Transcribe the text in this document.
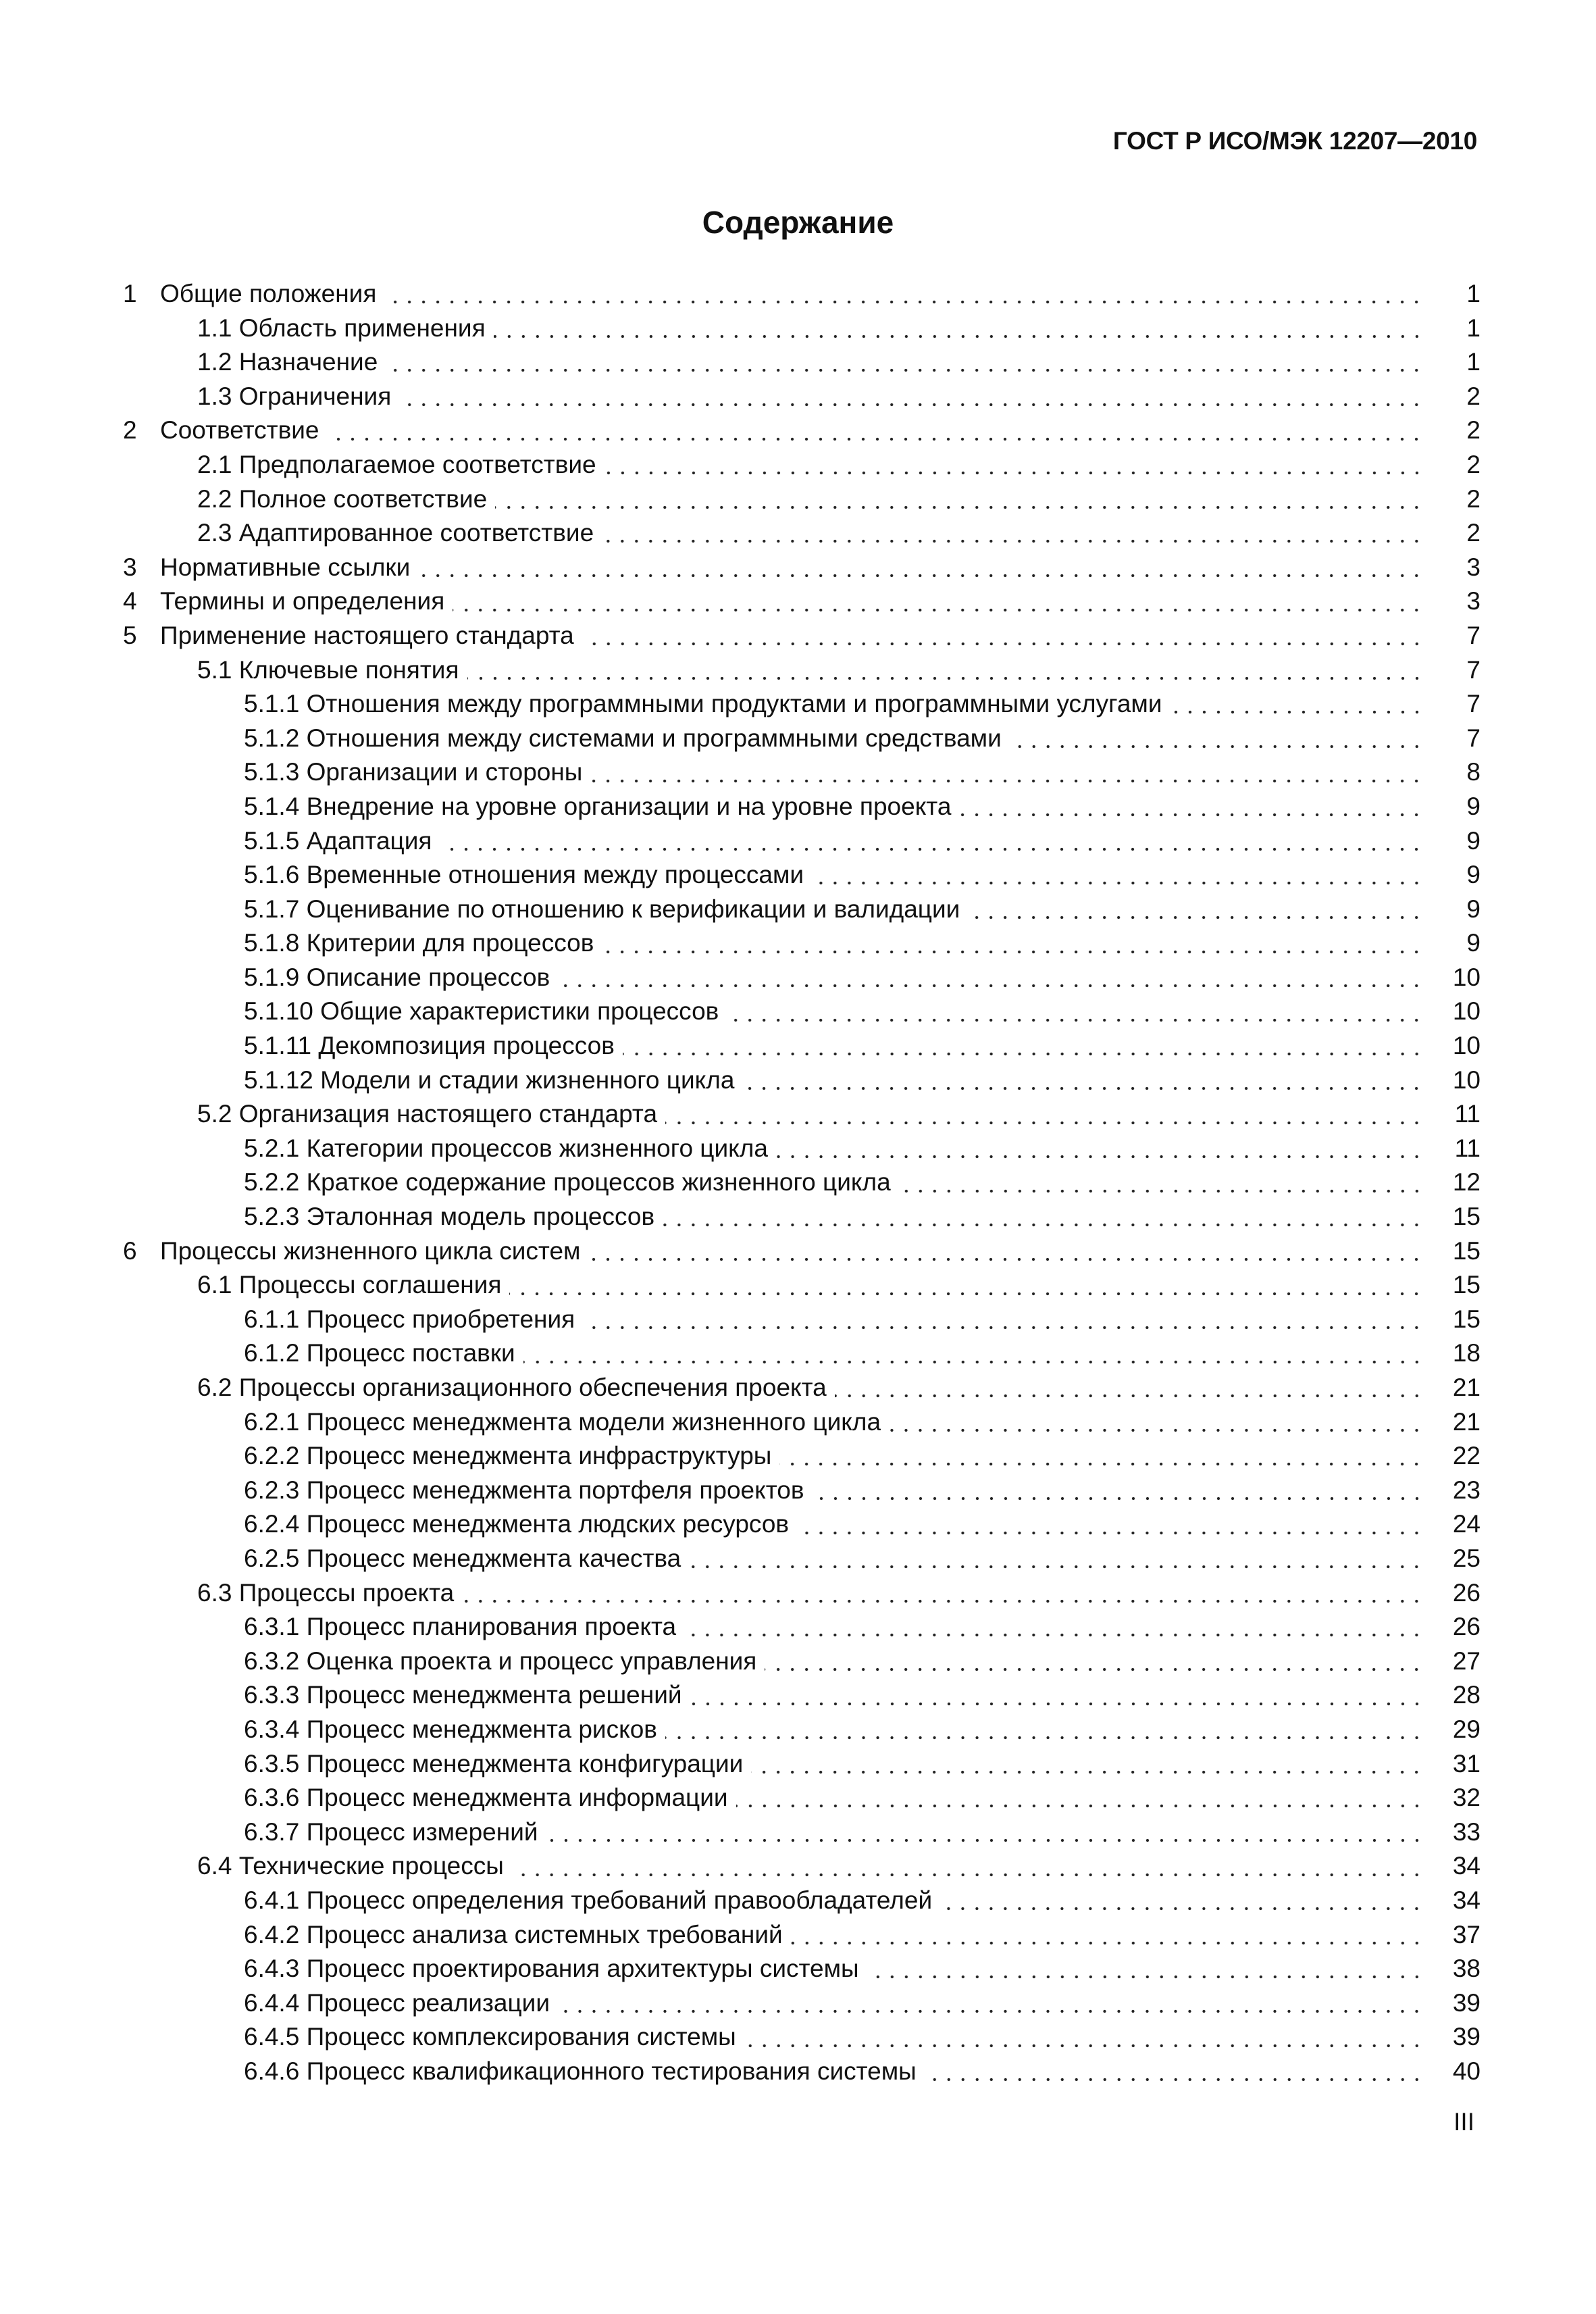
ГОСТ Р ИСО/МЭК 12207—2010
Содержание
1 Общие положения	1
1.1 Область применения	1
1.2 Назначение	1
1.3 Ограничения	2
2 Соответствие	2
2.1 Предполагаемое соответствие	2
2.2 Полное соответствие	2
2.3 Адаптированное соответствие	2
3 Нормативные ссылки	3
4 Термины и определения	3
5 Применение настоящего стандарта	7
5.1 Ключевые понятия	7
5.1.1 Отношения между программными продуктами и программными услугами	7
5.1.2 Отношения между системами и программными средствами	7
5.1.3 Организации и стороны	8
5.1.4 Внедрение на уровне организации и на уровне проекта	9
5.1.5 Адаптация	9
5.1.6 Временные отношения между процессами	9
5.1.7 Оценивание по отношению к верификации и валидации	9
5.1.8 Критерии для процессов	9
5.1.9 Описание процессов	10
5.1.10 Общие характеристики процессов	10
5.1.11 Декомпозиция процессов	10
5.1.12 Модели и стадии жизненного цикла	10
5.2 Организация настоящего стандарта	11
5.2.1 Категории процессов жизненного цикла	11
5.2.2 Краткое содержание процессов жизненного цикла	12
5.2.3 Эталонная модель процессов	15
6 Процессы жизненного цикла систем	15
6.1 Процессы соглашения	15
6.1.1 Процесс приобретения	15
6.1.2 Процесс поставки	18
6.2 Процессы организационного обеспечения проекта	21
6.2.1 Процесс менеджмента модели жизненного цикла	21
6.2.2 Процесс менеджмента инфраструктуры	22
6.2.3 Процесс менеджмента портфеля проектов	23
6.2.4 Процесс менеджмента людских ресурсов	24
6.2.5 Процесс менеджмента качества	25
6.3 Процессы проекта	26
6.3.1 Процесс планирования проекта	26
6.3.2 Оценка проекта и процесс управления	27
6.3.3 Процесс менеджмента решений	28
6.3.4 Процесс менеджмента рисков	29
6.3.5 Процесс менеджмента конфигурации	31
6.3.6 Процесс менеджмента информации	32
6.3.7 Процесс измерений	33
6.4 Технические процессы	34
6.4.1 Процесс определения требований правообладателей	34
6.4.2 Процесс анализа системных требований	37
6.4.3 Процесс проектирования архитектуры системы	38
6.4.4 Процесс реализации	39
6.4.5 Процесс комплексирования системы	39
6.4.6 Процесс квалификационного тестирования системы	40
III
